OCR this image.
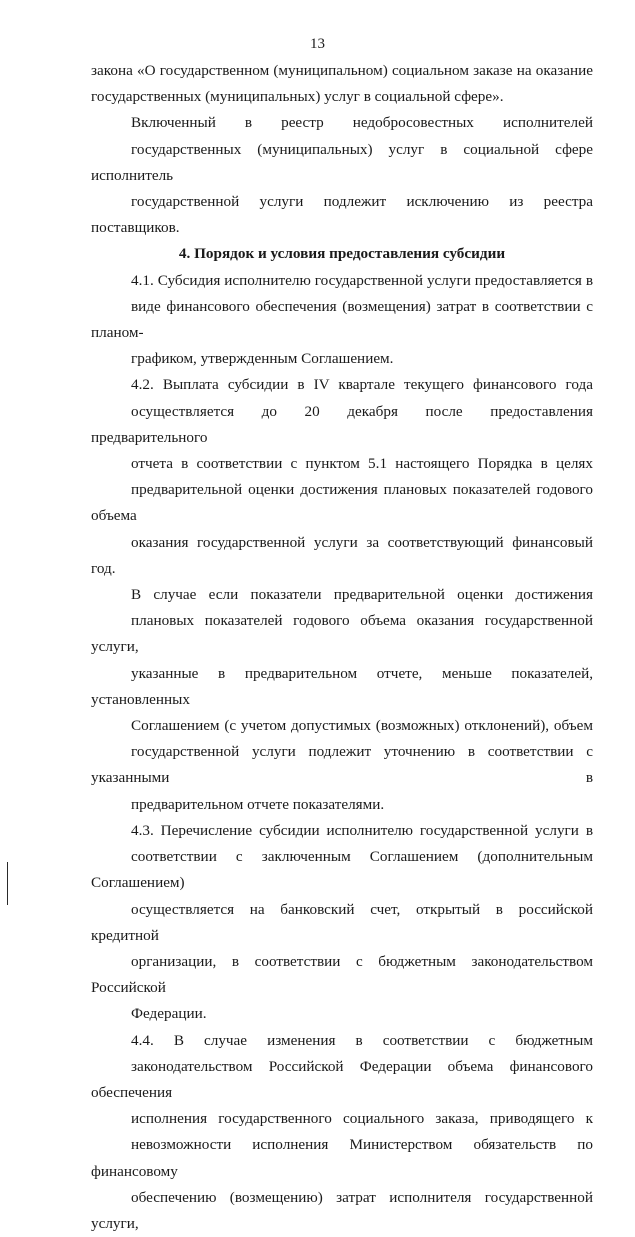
13

закона «О государственном (муниципальном) социальном заказе на оказание
государственных (муниципальных) услуг в социальной сфере».

Включенный в реестр недобросовестных исполнителей
государственных (муниципальных) услуг в социальной сфере исполнитель
государственной услуги подлежит исключению из реестра поставщиков.

4. Порядок и условия предоставления субсидии

4.1. Субсидия исполнителю государственной услуги предоставляется в
виде финансового обеспечения (возмещения) затрат в соответствии с планом-
графиком, утвержденным Соглашением.

4.2. Выплата субсидии в IV квартале текущего финансового года
осуществляется до 20 декабря после предоставления предварительного
отчета в соответствии с пунктом 5.1 настоящего Порядка в целях
предварительной оценки достижения плановых показателей годового объема
оказания государственной услуги за соответствующий финансовый год.

В случае если показатели предварительной оценки достижения
плановых показателей годового объема оказания государственной услуги,
указанные в предварительном отчете, меньше показателей, установленных
Соглашением (с учетом допустимых (возможных) отклонений), объем
государственной услуги подлежит уточнению в соответствии с указанными в
предварительном отчете показателями.

4.3. Перечисление субсидии исполнителю государственной услуги в
соответствии с заключенным Соглашением (дополнительным Соглашением)
осуществляется на банковский счет, открытый в российской кредитной
организации, в соответствии с бюджетным законодательством Российской
Федерации.

4.4. В случае изменения в соответствии с бюджетным
законодательством Российской Федерации объема финансового обеспечения
исполнения государственного социального заказа, приводящего к
невозможности исполнения Министерством обязательств по финансовому
обеспечению (возмещению) затрат исполнителя государственной услуги,
